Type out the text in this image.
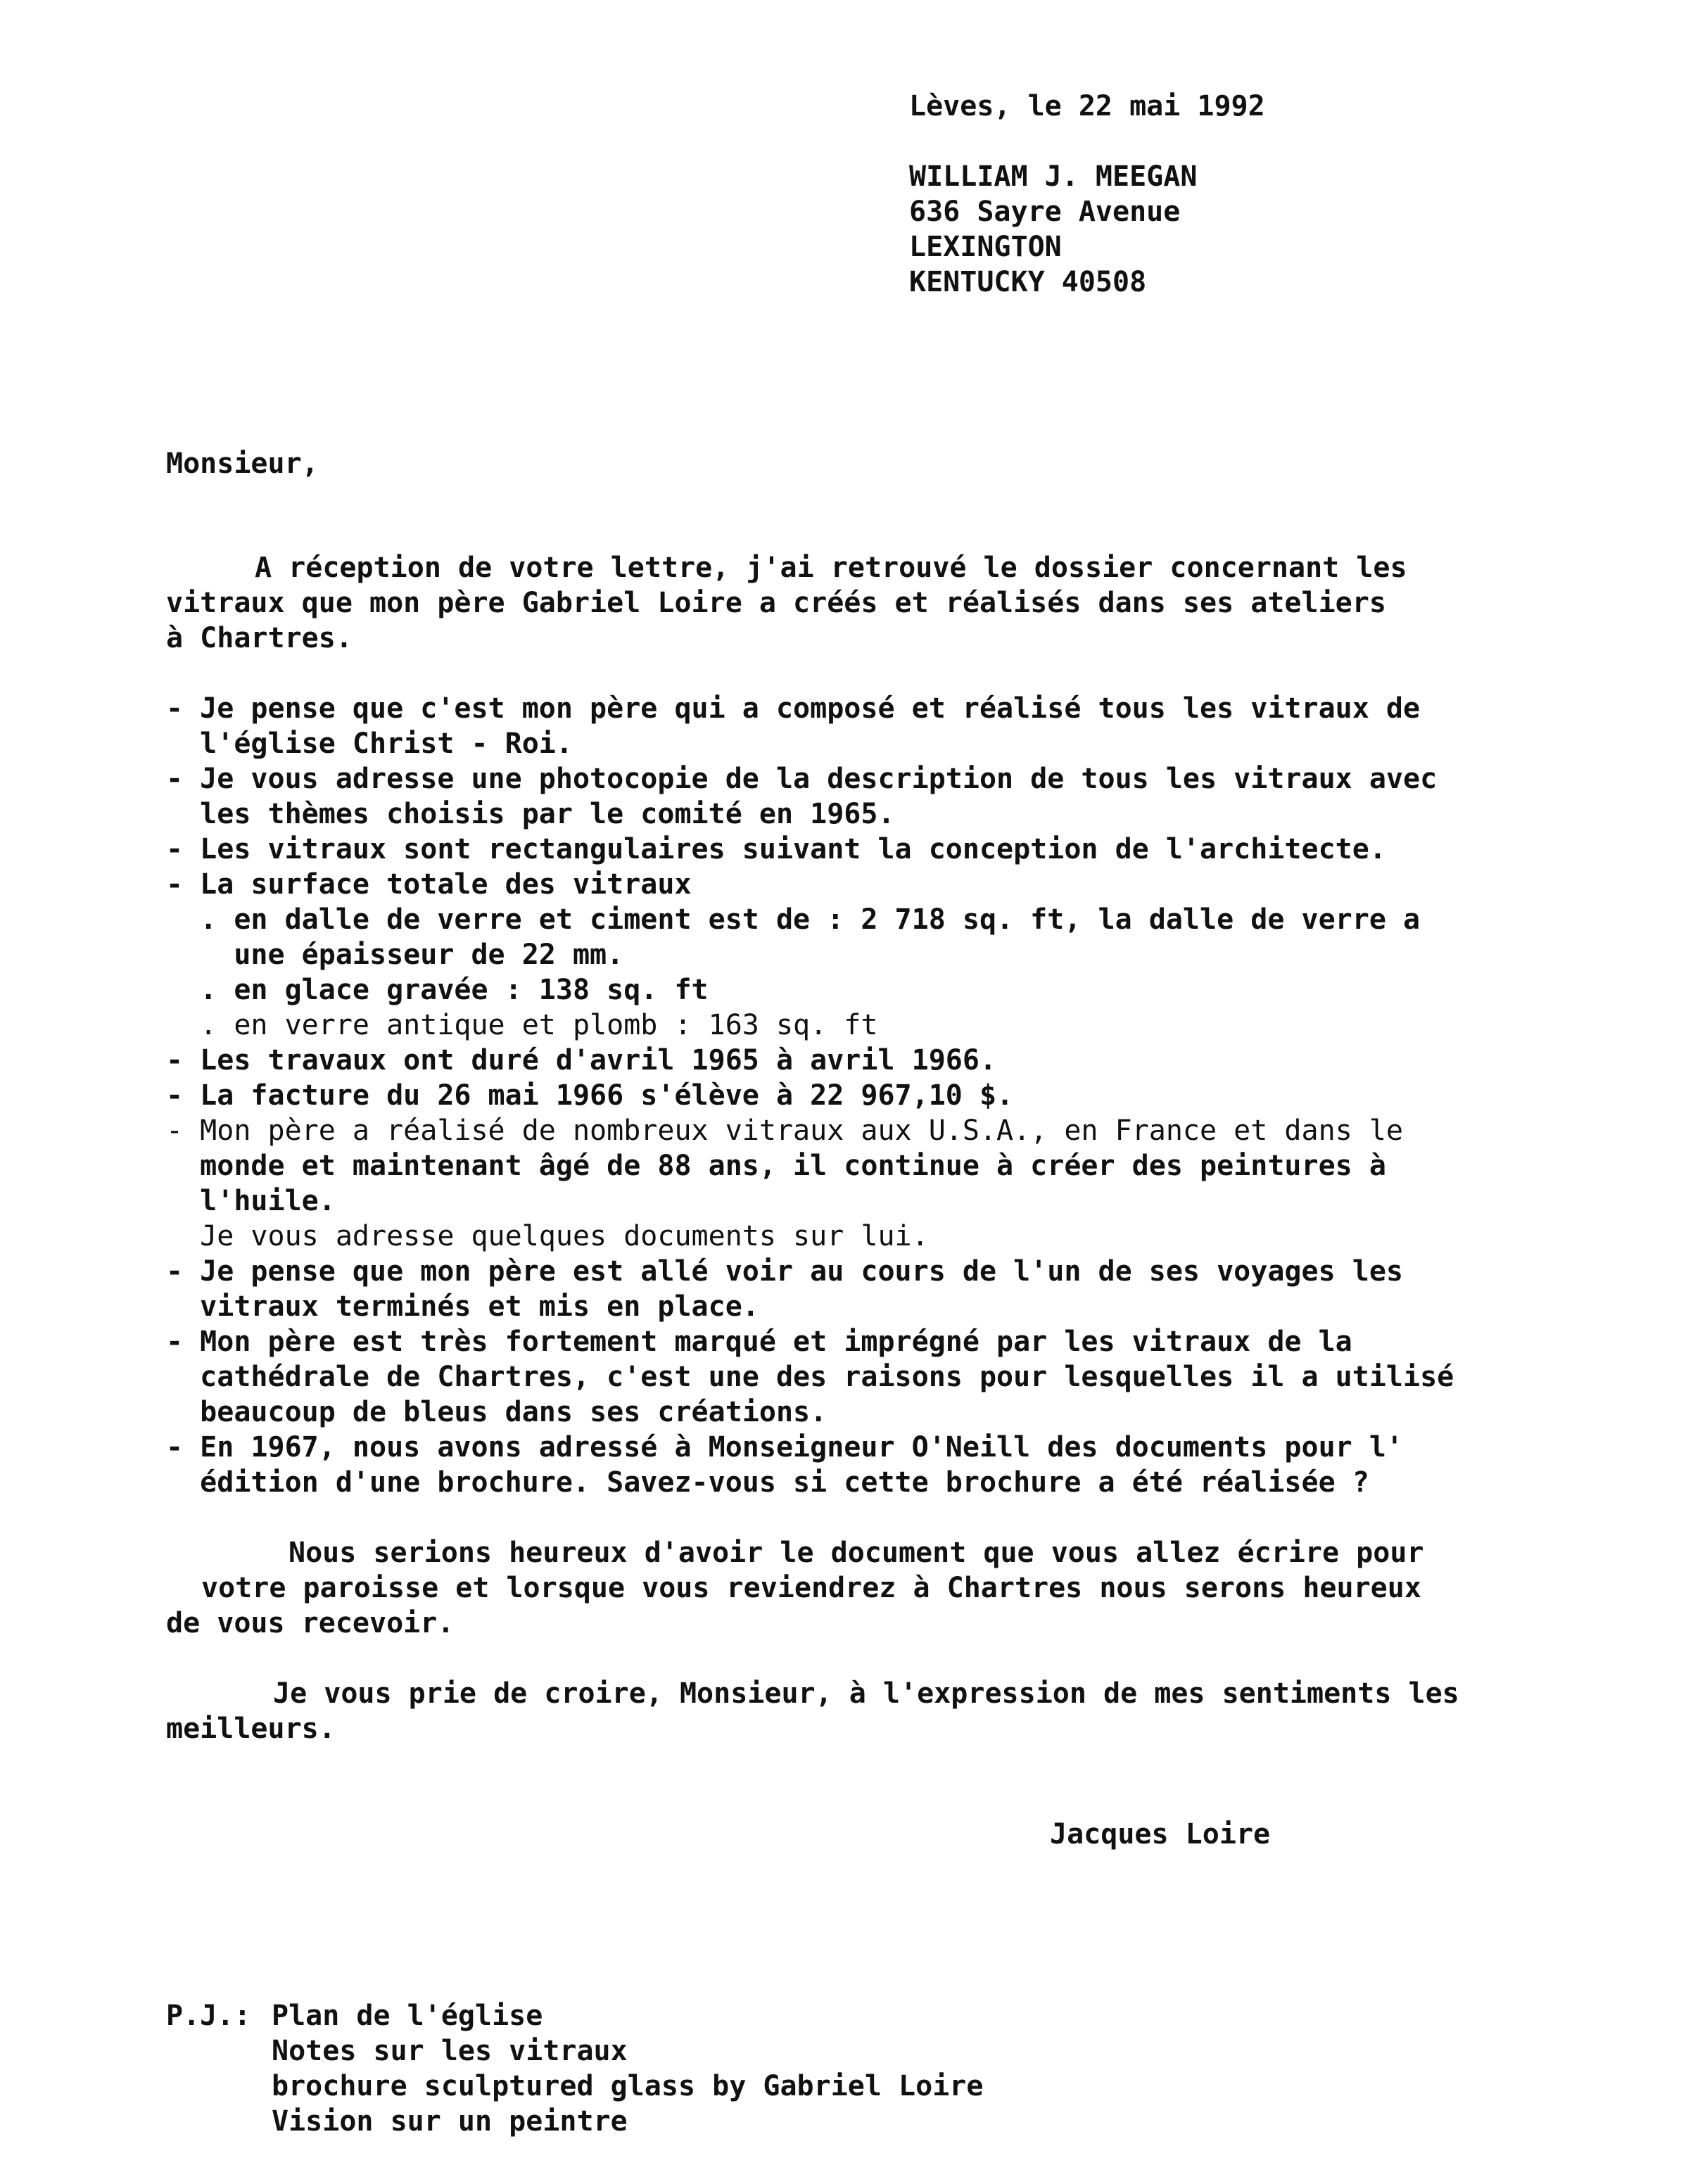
Lèves, le 22 mai 1992
WILLIAM J. MEEGAN
636 Sayre Avenue
LEXINGTON
KENTUCKY 40508
Monsieur,
A réception de votre lettre, j'ai retrouvé le dossier concernant les
vitraux que mon père Gabriel Loire a créés et réalisés dans ses ateliers
à Chartres.
- Je pense que c'est mon père qui a composé et réalisé tous les vitraux de
l'église Christ - Roi.
- Je vous adresse une photocopie de la description de tous les vitraux avec
les thèmes choisis par le comité en 1965.
- Les vitraux sont rectangulaires suivant la conception de l'architecte.
- La surface totale des vitraux
. en dalle de verre et ciment est de : 2 718 sq. ft, la dalle de verre a
une épaisseur de 22 mm.
. en glace gravée : 138 sq. ft
. en verre antique et plomb : 163 sq. ft
- Les travaux ont duré d'avril 1965 à avril 1966.
- La facture du 26 mai 1966 s'élève à 22 967,10 $.
- Mon père a réalisé de nombreux vitraux aux U.S.A., en France et dans le
monde et maintenant âgé de 88 ans, il continue à créer des peintures à
l'huile.
Je vous adresse quelques documents sur lui.
- Je pense que mon père est allé voir au cours de l'un de ses voyages les
vitraux terminés et mis en place.
- Mon père est très fortement marqué et imprégné par les vitraux de la
cathédrale de Chartres, c'est une des raisons pour lesquelles il a utilisé
beaucoup de bleus dans ses créations.
- En 1967, nous avons adressé à Monseigneur O'Neill des documents pour l'
édition d'une brochure. Savez-vous si cette brochure a été réalisée ?
Nous serions heureux d'avoir le document que vous allez écrire pour
votre paroisse et lorsque vous reviendrez à Chartres nous serons heureux
de vous recevoir.
Je vous prie de croire, Monsieur, à l'expression de mes sentiments les
meilleurs.
Jacques Loire
P.J.: Plan de l'église
Notes sur les vitraux
brochure sculptured glass by Gabriel Loire
Vision sur un peintre
